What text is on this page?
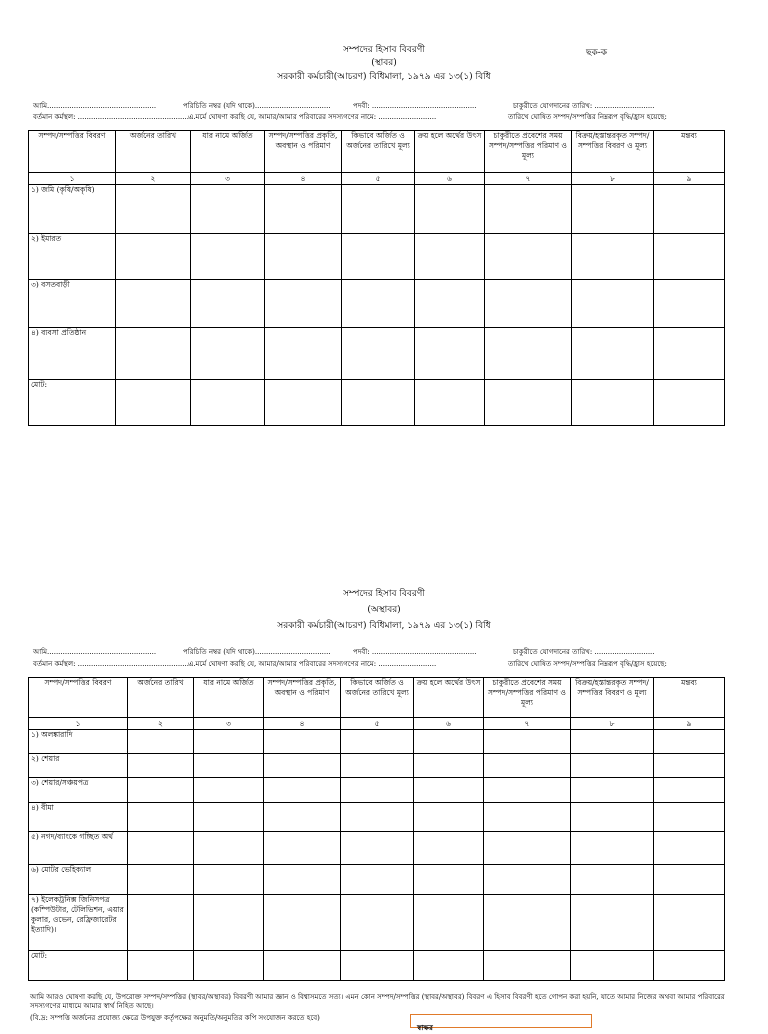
সম্পদের হিসাব বিবরণী	ছক-ক
(স্থাবর)
সরকারী কর্মচারী(আচরণ) বিধিমালা, ১৯৭৯ এর ১৩(১) বিধি
আমি.................................................	পরিচিতি নম্বর (যদি থাকে)..................................	পদবী: ...............................................	চাকুরীতে যোগদানের তারিখ: ...........................
বর্তমান কর্মস্থল: .....................................................এ মর্মে ঘোষণা করছি যে, আমার/আমার পরিবারের সদস্যগণের নামে: ..........................	তারিখে ঘোষিত সম্পদ/সম্পত্তির নিম্নরূপ বৃদ্ধি/হ্রাস হয়েছে:
সম্পদ/সম্পত্তির বিবরণ	অর্জনের তারিখ	যার নামে অর্জিত	সম্পদ/সম্পত্তির প্রকৃতি, অবস্থান ও পরিমাণ	কিভাবে অর্জিত ও অর্জনের তারিখে মূল্য	ক্রয় হলে অর্থের উৎস	চাকুরীতে প্রবেশের সময় সম্পদ/সম্পত্তির পরিমাণ ও মূল্য	বিক্রয়/হস্তান্তরকৃত সম্পদ/সম্পত্তির বিবরণ ও মূল্য	মন্তব্য
১	২	৩	৪	৫	৬	৭	৮	৯
১) জমি (কৃষি/অকৃষি)								
২) ইমারত								
৩) বসতবাড়ী								
৪) ব্যবসা প্রতিষ্ঠান								
মোট:								
সম্পদের হিসাব বিবরণী
(অস্থাবর)
সরকারী কর্মচারী(আচরণ) বিধিমালা, ১৯৭৯ এর ১৩(১) বিধি
আমি.................................................	পরিচিতি নম্বর (যদি থাকে)..................................	পদবী: ...............................................	চাকুরীতে যোগদানের তারিখ: ...........................
বর্তমান কর্মস্থল: .....................................................এ মর্মে ঘোষণা করছি যে, আমার/আমার পরিবারের সদস্যগণের নামে: ..........................	তারিখে ঘোষিত সম্পদ/সম্পত্তির নিম্নরূপ বৃদ্ধি/হ্রাস হয়েছে:
সম্পদ/সম্পত্তির বিবরণ	অর্জনের তারিখ	যার নামে অর্জিত	সম্পদ/সম্পত্তির প্রকৃতি, অবস্থান ও পরিমাণ	কিভাবে অর্জিত ও অর্জনের তারিখে মূল্য	ক্রয় হলে অর্থের উৎস	চাকুরীতে প্রবেশের সময় সম্পদ/সম্পত্তির পরিমাণ ও মূল্য	বিক্রয়/হস্তান্তরকৃত সম্পদ/সম্পত্তির বিবরণ ও মূল্য	মন্তব্য
১	২	৩	৪	৫	৬	৭	৮	৯
১) অলঙ্কারাদি								
২) শেয়ার								
৩) শেয়ার/সঞ্চয়পত্র								
৪) বীমা								
৫) নগদ/ব্যাংকে গচ্ছিত অর্থ								
৬) মোটর ভেহিক্যাল								
৭) ইলেকট্রনিক্স জিনিসপত্র (কম্পিউটার, টেলিভিশন, এয়ার কুলার, ওভেন, রেফ্রিজারেটর ইত্যাদি)।								
মোট:								
আমি আরও ঘোষণা করছি যে, উপরোক্ত সম্পদ/সম্পত্তির (স্থাবর/অস্থাবর) বিবরণী আমার জ্ঞান ও বিশ্বাসমতে সত্য। এমন কোন সম্পদ/সম্পত্তির (স্থাবর/অস্থাবর) বিবরণ এ হিসাব বিবরণী হতে গোপন করা হয়নি, যাতে আমার নিজের অথবা আমার পরিবারের সদস্যগণের মাধ্যমে আমার স্বার্থ নিহিত আছে।
(বি.দ্র: সম্পত্তি অর্জনের প্রযোজ্য ক্ষেত্রে উপযুক্ত কর্তৃপক্ষের অনুমতি/অনুমতির কপি সংযোজন করতে হবে)
স্বাক্ষর
